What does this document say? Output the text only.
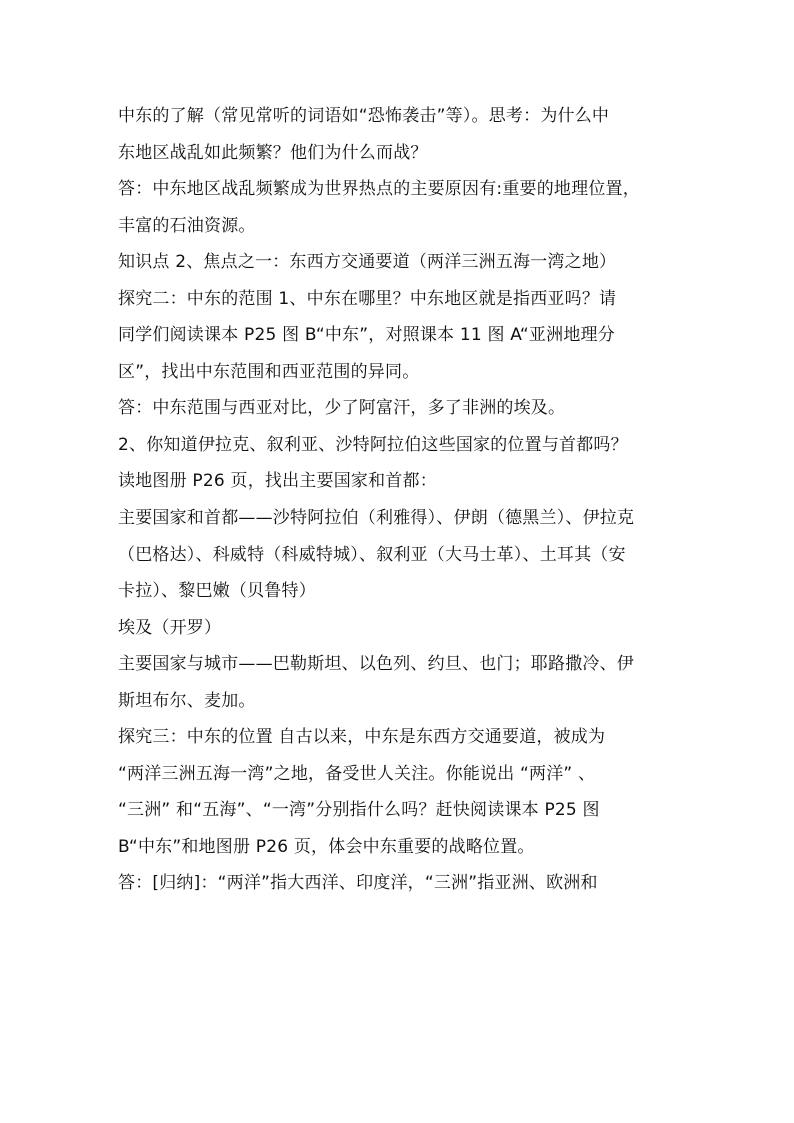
中东的了解（常见常听的词语如“恐怖袭击”等）。思考：为什么中
东地区战乱如此频繁？他们为什么而战？
答：中东地区战乱频繁成为世界热点的主要原因有:重要的地理位置，
丰富的石油资源。
知识点 2、焦点之一：东西方交通要道（两洋三洲五海一湾之地）
探究二：中东的范围 1、中东在哪里？中东地区就是指西亚吗？请
同学们阅读课本 P25 图 B“中东”，对照课本 11 图 A“亚洲地理分
区”，找出中东范围和西亚范围的异同。
答：中东范围与西亚对比，少了阿富汗，多了非洲的埃及。
2、你知道伊拉克、叙利亚、沙特阿拉伯这些国家的位置与首都吗？
读地图册 P26 页，找出主要国家和首都：
主要国家和首都——沙特阿拉伯（利雅得）、伊朗（德黑兰）、伊拉克
（巴格达）、科威特（科威特城）、叙利亚（大马士革）、土耳其（安
卡拉）、黎巴嫩（贝鲁特）
埃及（开罗）
主要国家与城市——巴勒斯坦、以色列、约旦、也门；耶路撒冷、伊
斯坦布尔、麦加。
探究三：中东的位置 自古以来，中东是东西方交通要道，被成为
“两洋三洲五海一湾”之地，备受世人关注。你能说出 “两洋” 、
“三洲” 和“五海”、“一湾”分别指什么吗？赶快阅读课本 P25 图
B“中东”和地图册 P26 页，体会中东重要的战略位置。
答：[归纳]：“两洋”指大西洋、印度洋，“三洲”指亚洲、欧洲和
